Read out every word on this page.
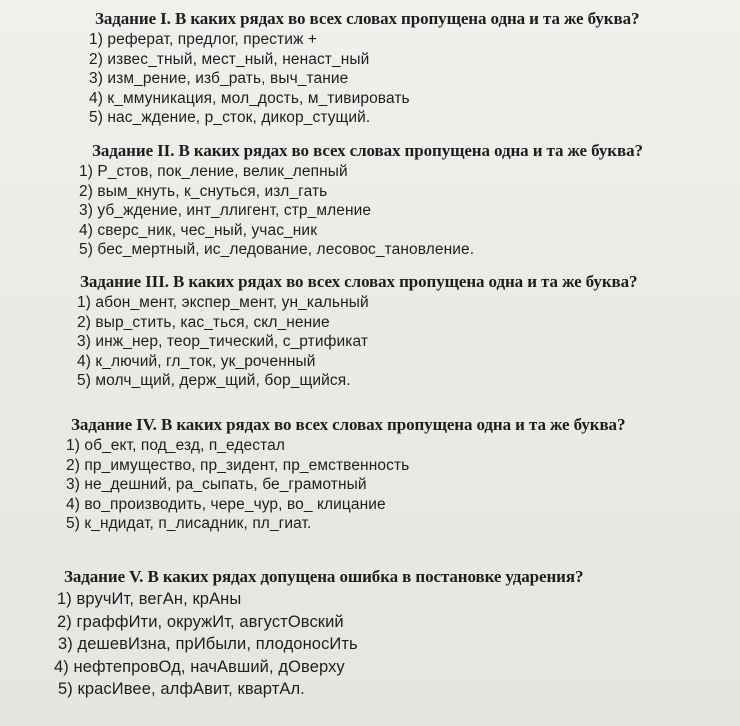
Задание I. В каких рядах во всех словах пропущена одна и та же буква?
1) реферат, предлог, престиж +
2) извес_тный, мест_ный, ненаст_ный
3) изм_рение, изб_рать, выч_тание
4) к_ммуникация, мол_дость, м_тивировать
5) нас_ждение, р_сток, дикор_стущий.
Задание II. В каких рядах во всех словах пропущена одна и та же буква?
1) Р_стов, пок_ление, велик_лепный
2) вым_кнуть, к_снуться, изл_гать
3) уб_ждение, инт_ллигент, стр_мление
4) сверс_ник, чес_ный, учас_ник
5) бес_мертный, ис_ледование, лесовос_тановление.
Задание III. В каких рядах во всех словах пропущена одна и та же буква?
1) абон_мент, экспер_мент, ун_кальный
2) выр_стить, кас_ться, скл_нение
3) инж_нер, теор_тический, с_ртификат
4) к_лючий, гл_ток, ук_роченный
5) молч_щий, держ_щий, бор_щийся.
Задание IV. В каких рядах во всех словах пропущена одна и та же буква?
1) об_ект, под_езд, п_едестал
2) пр_имущество, пр_зидент, пр_емственность
3) не_дешний, ра_сыпать, бе_грамотный
4) во_производить, чере_чур, во_ клицание
5) к_ндидат, п_лисадник, пл_гиат.
Задание V. В каких рядах допущена ошибка в постановке ударения?
1) вручИт, вегАн, крАны
2) граффИти, окружИт, августОвский
3) дешевИзна, прИбыли, плодоносИть
4) нефтепровОд, начАвший, дОверху
5) красИвее, алфАвит, квартАл.
